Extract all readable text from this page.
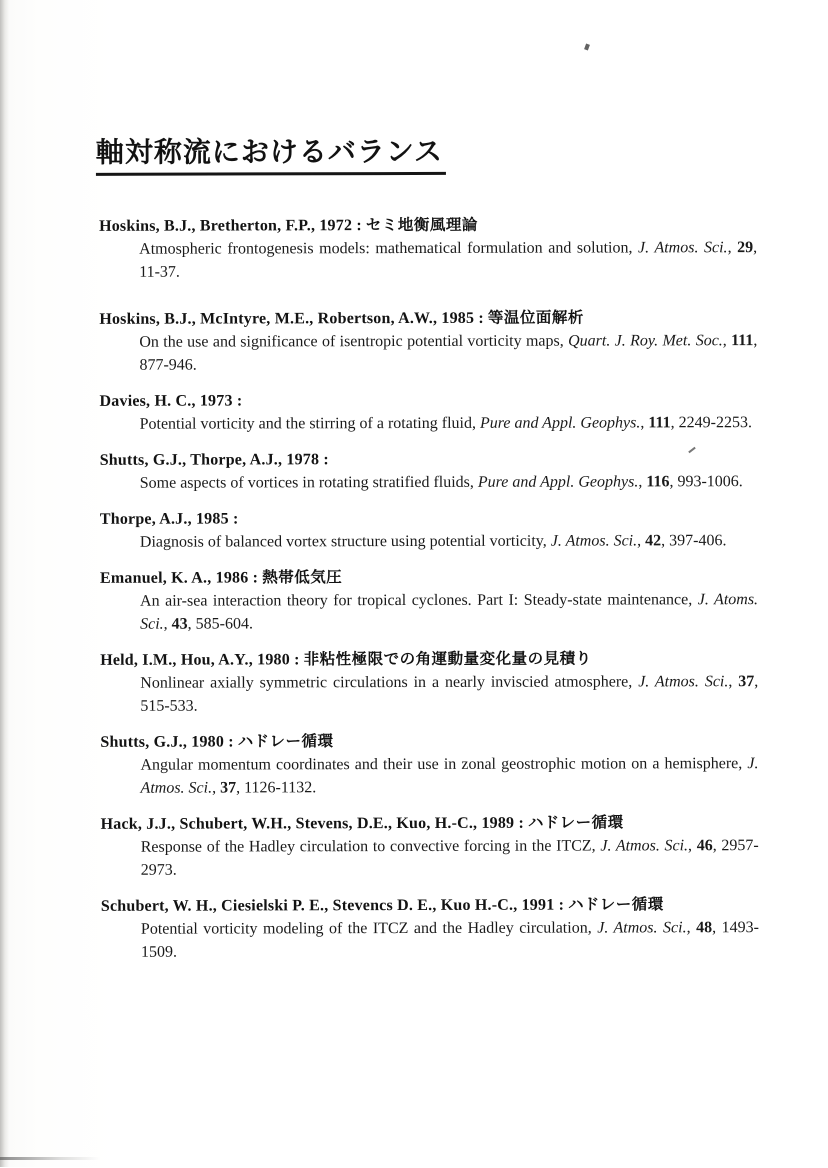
軸対称流におけるバランス
Hoskins, B.J., Bretherton, F.P., 1972 : セミ地衡風理論
Atmospheric frontogenesis models: mathematical formulation and solution, J. Atmos. Sci., 29, 11-37.
Hoskins, B.J., McIntyre, M.E., Robertson, A.W., 1985 : 等温位面解析
On the use and significance of isentropic potential vorticity maps, Quart. J. Roy. Met. Soc., 111, 877-946.
Davies, H. C., 1973 :
Potential vorticity and the stirring of a rotating fluid, Pure and Appl. Geophys., 111, 2249-2253.
Shutts, G.J., Thorpe, A.J., 1978 :
Some aspects of vortices in rotating stratified fluids, Pure and Appl. Geophys., 116, 993-1006.
Thorpe, A.J., 1985 :
Diagnosis of balanced vortex structure using potential vorticity, J. Atmos. Sci., 42, 397-406.
Emanuel, K. A., 1986 : 熱帯低気圧
An air-sea interaction theory for tropical cyclones. Part I: Steady-state maintenance, J. Atoms. Sci., 43, 585-604.
Held, I.M., Hou, A.Y., 1980 : 非粘性極限での角運動量変化量の見積り
Nonlinear axially symmetric circulations in a nearly inviscied atmosphere, J. Atmos. Sci., 37, 515-533.
Shutts, G.J., 1980 : ハドレー循環
Angular momentum coordinates and their use in zonal geostrophic motion on a hemisphere, J. Atmos. Sci., 37, 1126-1132.
Hack, J.J., Schubert, W.H., Stevens, D.E., Kuo, H.-C., 1989 : ハドレー循環
Response of the Hadley circulation to convective forcing in the ITCZ, J. Atmos. Sci., 46, 2957-2973.
Schubert, W. H., Ciesielski P. E., Stevencs D. E., Kuo H.-C., 1991 : ハドレー循環
Potential vorticity modeling of the ITCZ and the Hadley circulation, J. Atmos. Sci., 48, 1493-1509.
